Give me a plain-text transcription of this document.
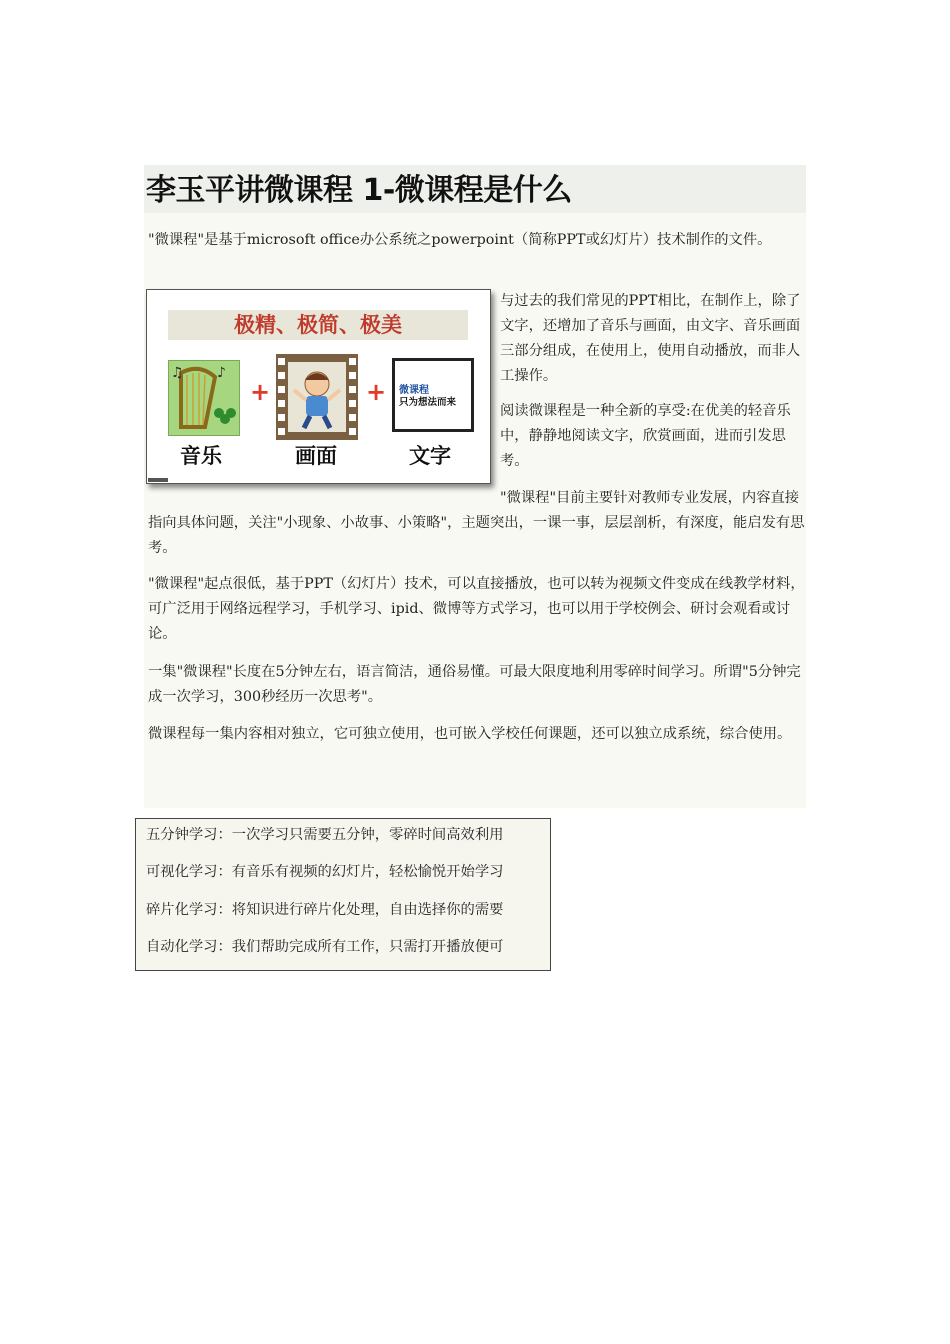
李玉平讲微课程 1-微课程是什么

"微课程"是基于microsoft office办公系统之powerpoint（简称PPT或幻灯片）技术制作的文件。

极精、极简、极美
♪
♫
+	+ 微课程
只为想法而来
音乐	画面	文字

与过去的我们常见的PPT相比，在制作上，除了文字，还增加了音乐与画面，由文字、音乐画面三部分组成，在使用上，使用自动播放，而非人工操作。

阅读微课程是一种全新的享受:在优美的轻音乐中，静静地阅读文字，欣赏画面，进而引发思考。

"微课程"目前主要针对教师专业发展，内容直接指向具体问题，关注"小现象、小故事、小策略"，主题突出，一课一事，层层剖析，有深度，能启发有思考。

"微课程"起点很低，基于PPT（幻灯片）技术，可以直接播放，也可以转为视频文件变成在线教学材料，可广泛用于网络远程学习，手机学习、ipid、微博等方式学习，也可以用于学校例会、研讨会观看或讨论。

一集"微课程"长度在5分钟左右，语言简洁，通俗易懂。可最大限度地利用零碎时间学习。所谓"5分钟完成一次学习，300秒经历一次思考"。

微课程每一集内容相对独立，它可独立使用，也可嵌入学校任何课题，还可以独立成系统，综合使用。

五分钟学习：一次学习只需要五分钟，零碎时间高效利用
可视化学习：有音乐有视频的幻灯片，轻松愉悦开始学习
碎片化学习：将知识进行碎片化处理，自由选择你的需要
自动化学习：我们帮助完成所有工作，只需打开播放便可
